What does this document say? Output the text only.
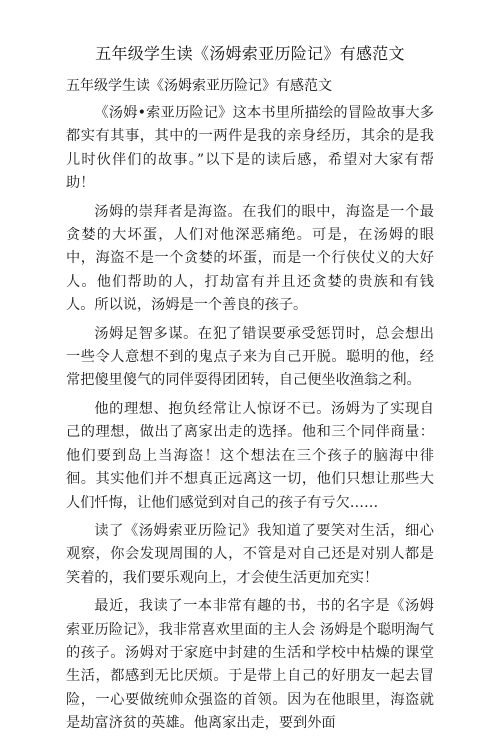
五年级学生读《汤姆索亚历险记》有感范文

五年级学生读《汤姆索亚历险记》有感范文

《汤姆•索亚历险记》这本书里所描绘的冒险故事大多都实有其事，其中的一两件是我的亲身经历，其余的是我儿时伙伴们的故事。”以下是的读后感，希望对大家有帮助！

汤姆的崇拜者是海盗。在我们的眼中，海盗是一个最贪婪的大坏蛋，人们对他深恶痛绝。可是，在汤姆的眼中，海盗不是一个贪婪的坏蛋，而是一个行侠仗义的大好人。他们帮助的人，打劫富有并且还贪婪的贵族和有钱人。所以说，汤姆是一个善良的孩子。

汤姆足智多谋。在犯了错误要承受惩罚时，总会想出一些令人意想不到的鬼点子来为自己开脱。聪明的他，经常把傻里傻气的同伴耍得团团转，自己便坐收渔翁之利。

他的理想、抱负经常让人惊讶不已。汤姆为了实现自己的理想，做出了离家出走的选择。他和三个同伴商量：他们要到岛上当海盗！这个想法在三个孩子的脑海中徘徊。其实他们并不想真正远离这一切，他们只想让那些大人们忏悔，让他们感觉到对自己的孩子有亏欠……

读了《汤姆索亚历险记》我知道了要笑对生活，细心观察，你会发现周围的人，不管是对自己还是对别人都是笑着的，我们要乐观向上，才会使生活更加充实！

最近，我读了一本非常有趣的书，书的名字是《汤姆索亚历险记》，我非常喜欢里面的主人会 汤姆是个聪明淘气的孩子。汤姆对于家庭中封建的生活和学校中枯燥的课堂生活，都感到无比厌烦。于是带上自己的好朋友一起去冒险，一心要做统帅众强盗的首领。因为在他眼里，海盗就是劫富济贫的英雄。他离家出走，要到外面
